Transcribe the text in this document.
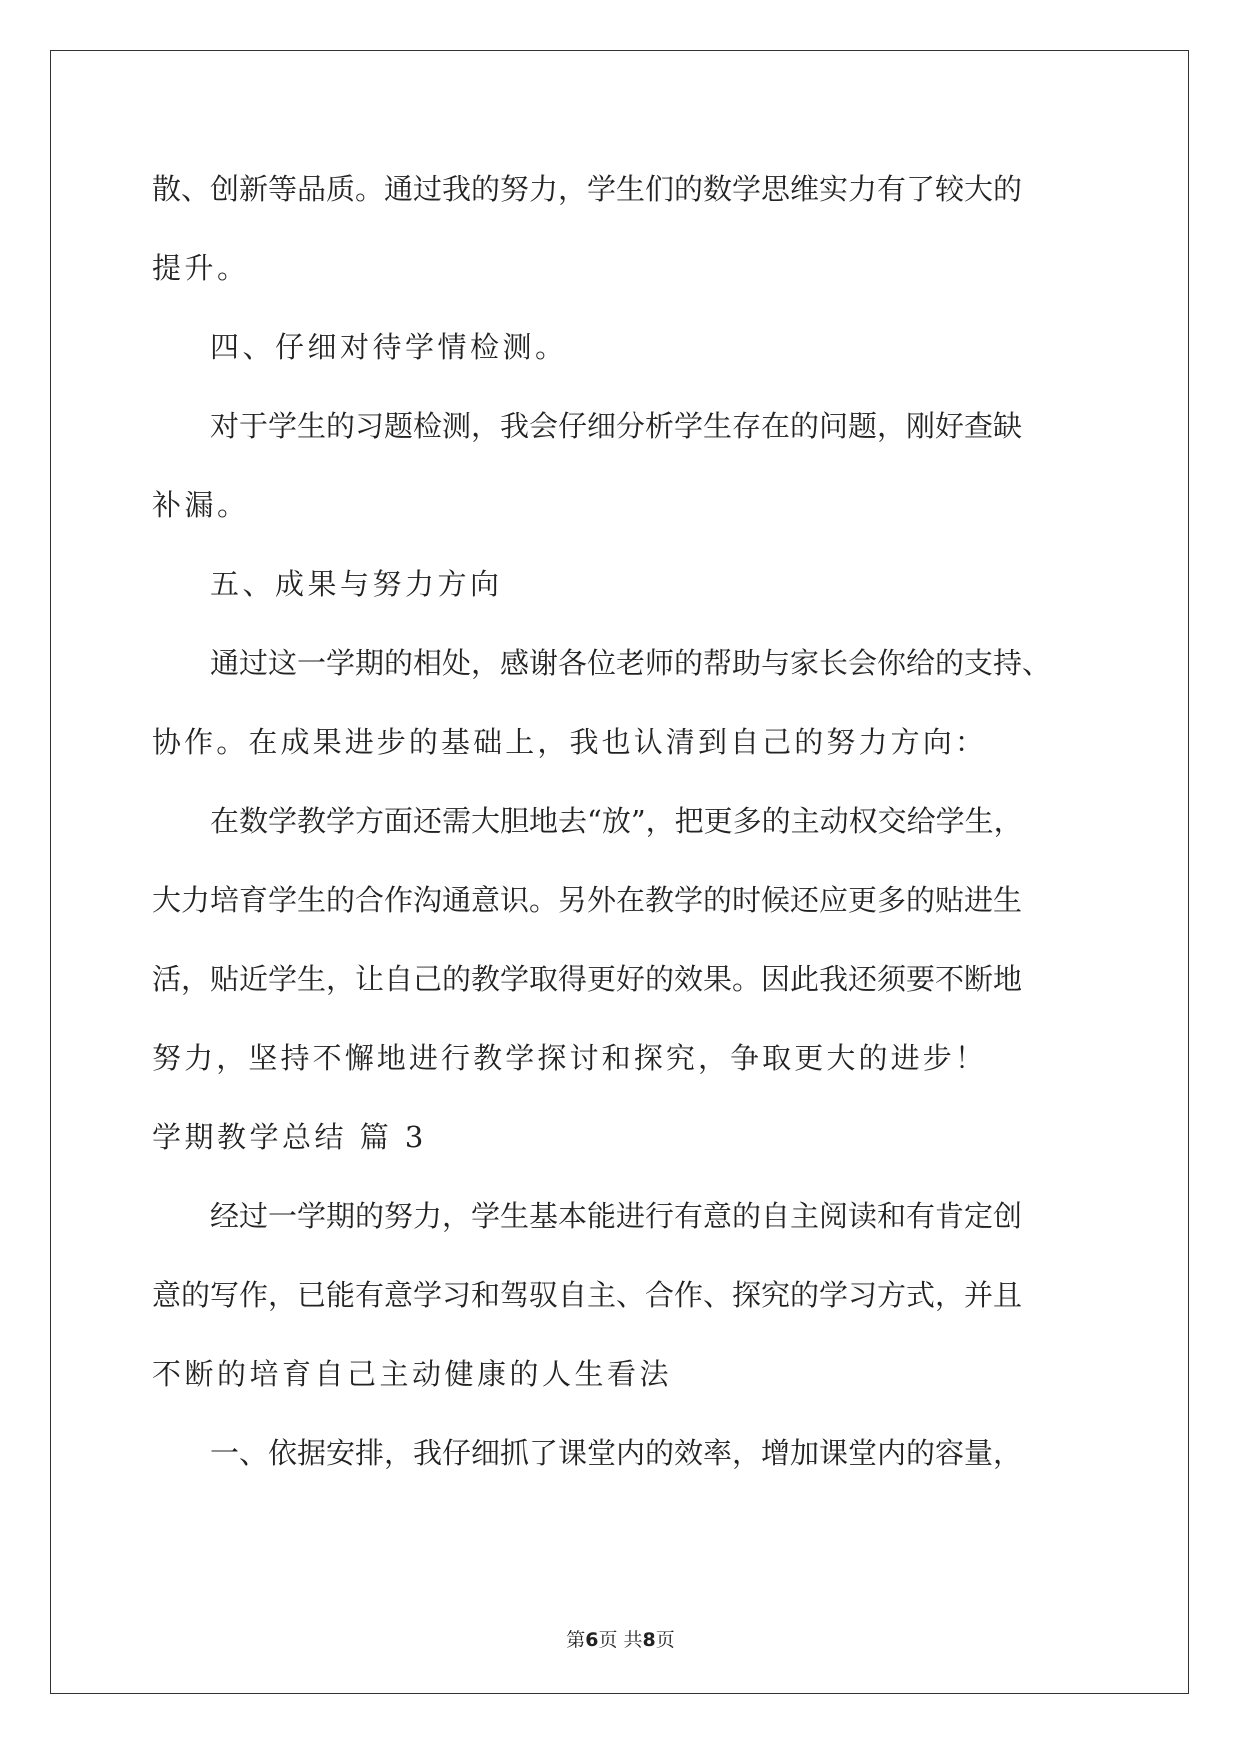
散、创新等品质。通过我的努力，学生们的数学思维实力有了较大的
提升。
四、仔细对待学情检测。
对于学生的习题检测，我会仔细分析学生存在的问题，刚好查缺
补漏。
五、成果与努力方向
通过这一学期的相处，感谢各位老师的帮助与家长会你给的支持、
协作。在成果进步的基础上，我也认清到自己的努力方向：
在数学教学方面还需大胆地去“放”，把更多的主动权交给学生，
大力培育学生的合作沟通意识。另外在教学的时候还应更多的贴进生
活，贴近学生，让自己的教学取得更好的效果。因此我还须要不断地
努力，坚持不懈地进行教学探讨和探究，争取更大的进步！
学期教学总结 篇 3
经过一学期的努力，学生基本能进行有意的自主阅读和有肯定创
意的写作，已能有意学习和驾驭自主、合作、探究的学习方式，并且
不断的培育自己主动健康的人生看法
一、依据安排，我仔细抓了课堂内的效率，增加课堂内的容量，
第6页 共8页
